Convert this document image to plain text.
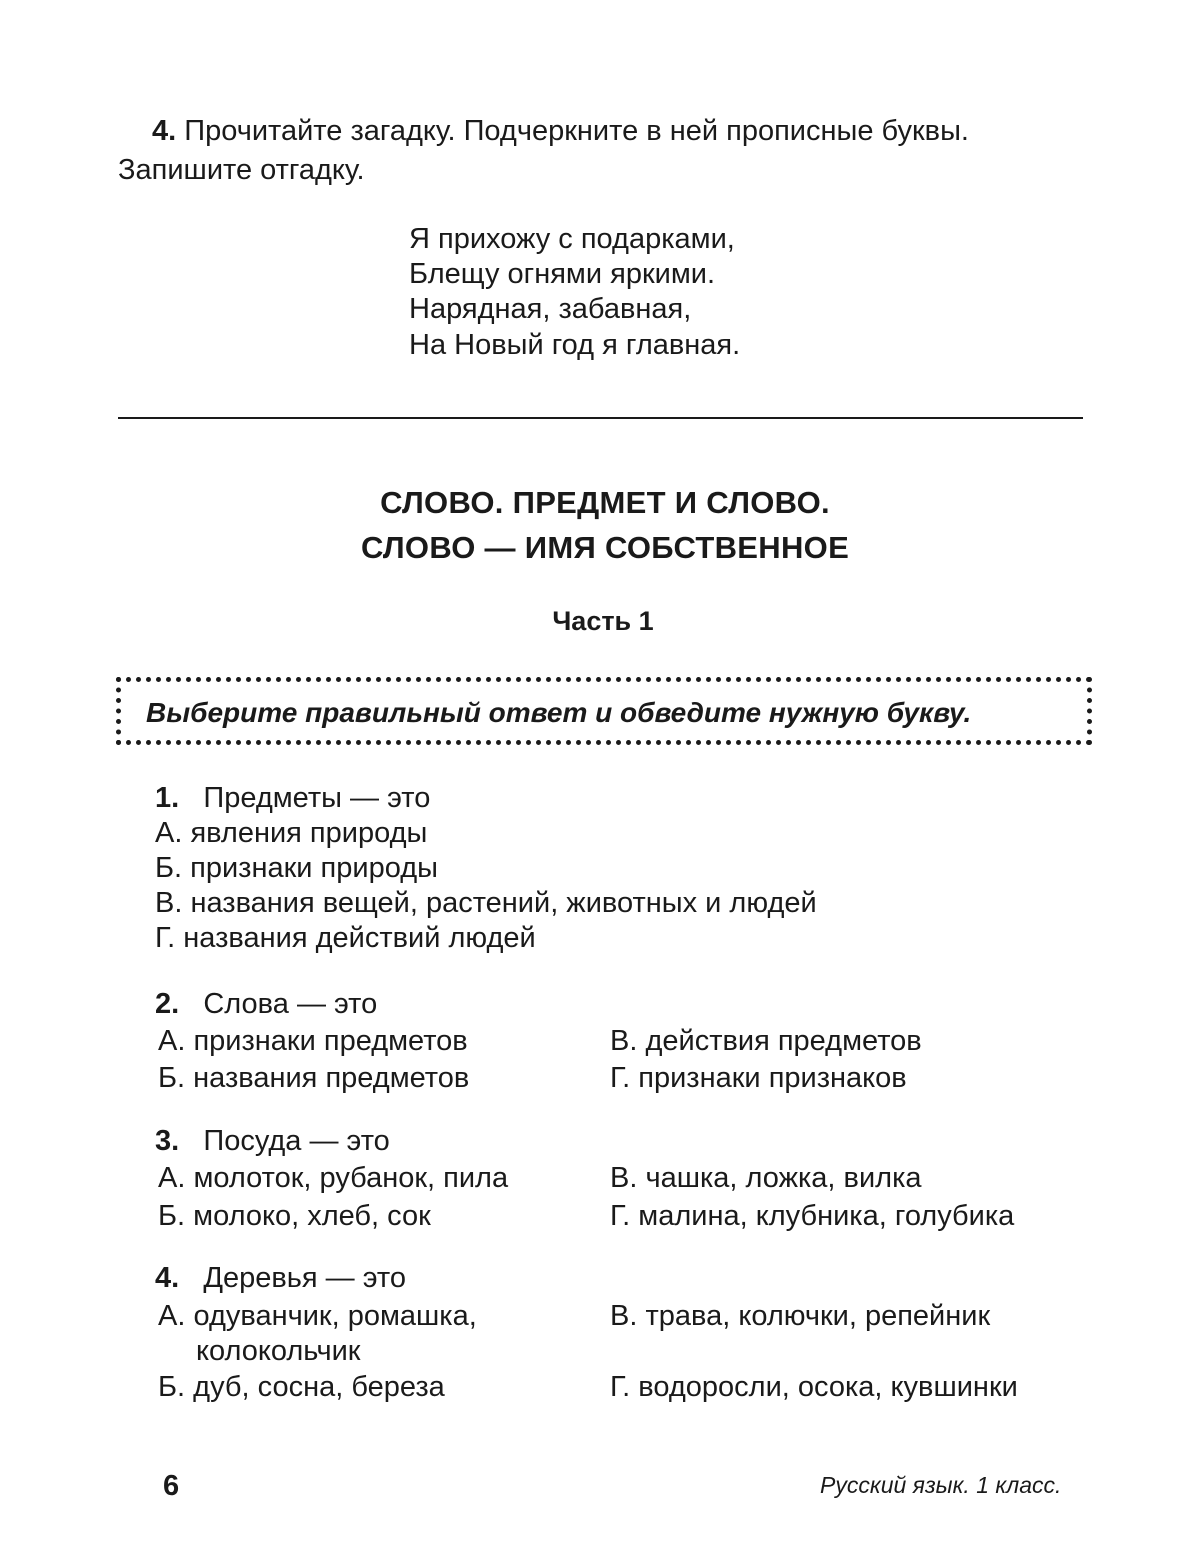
4. Прочитайте загадку. Подчеркните в ней прописные буквы.

Запишите отгадку.

Я прихожу с подарками,

Блещу огнями яркими.

Нарядная, забавная,

На Новый год я главная.

СЛОВО. ПРЕДМЕТ И СЛОВО.

СЛОВО — ИМЯ СОБСТВЕННОЕ

Часть 1

Выберите правильный ответ и обведите нужную букву.

1. Предметы — это

А. явления природы

Б. признаки природы

В. названия вещей, растений, животных и людей

Г. названия действий людей

2. Слова — это

А. признаки предметов

Б. названия предметов

В. действия предметов

Г. признаки признаков

3. Посуда — это

А. молоток, рубанок, пила

Б. молоко, хлеб, сок

В. чашка, ложка, вилка

Г. малина, клубника, голубика

4. Деревья — это

А. одуванчик, ромашка,

колокольчик

Б. дуб, сосна, береза

В. трава, колючки, репейник

Г. водоросли, осока, кувшинки

6	Русский язык. 1 класс.
